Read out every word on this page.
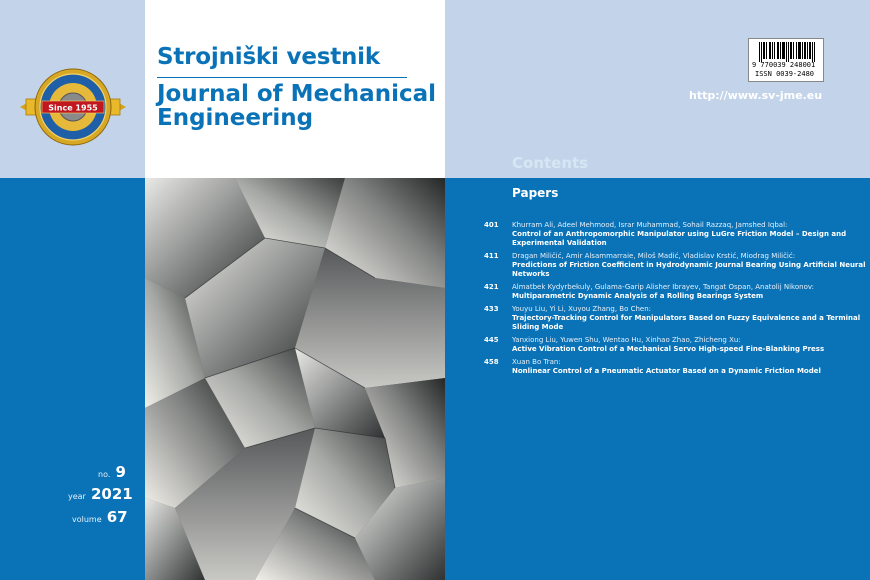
Since 1955
Strojniški vestnik
Journal of Mechanical Engineering
9 770039 248001
ISSN 0039-2480
http://www.sv-jme.eu
no. 9
year 2021
volume 67
Contents
Papers
401 Khurram Ali, Adeel Mehmood, Israr Muhammad, Sohail Razzaq, Jamshed Iqbal:
Control of an Anthropomorphic Manipulator using LuGre Friction Model – Design and Experimental Validation
411 Dragan Miličić, Amir Alsammarraie, Miloš Madić, Vladislav Krstić, Miodrag Miličić:
Predictions of Friction Coefficient in Hydrodynamic Journal Bearing Using Artificial Neural Networks
421 Almatbek Kydyrbekuly, Gulama-Garip Alisher Ibrayev, Tangat Ospan, Anatolij Nikonov:
Multiparametric Dynamic Analysis of a Rolling Bearings System
433 Youyu Liu, Yi Li, Xuyou Zhang, Bo Chen:
Trajectory-Tracking Control for Manipulators Based on Fuzzy Equivalence and a Terminal Sliding Mode
445 Yanxiong Liu, Yuwen Shu, Wentao Hu, Xinhao Zhao, Zhicheng Xu:
Active Vibration Control of a Mechanical Servo High-speed Fine-Blanking Press
458 Xuan Bo Tran:
Nonlinear Control of a Pneumatic Actuator Based on a Dynamic Friction Model
